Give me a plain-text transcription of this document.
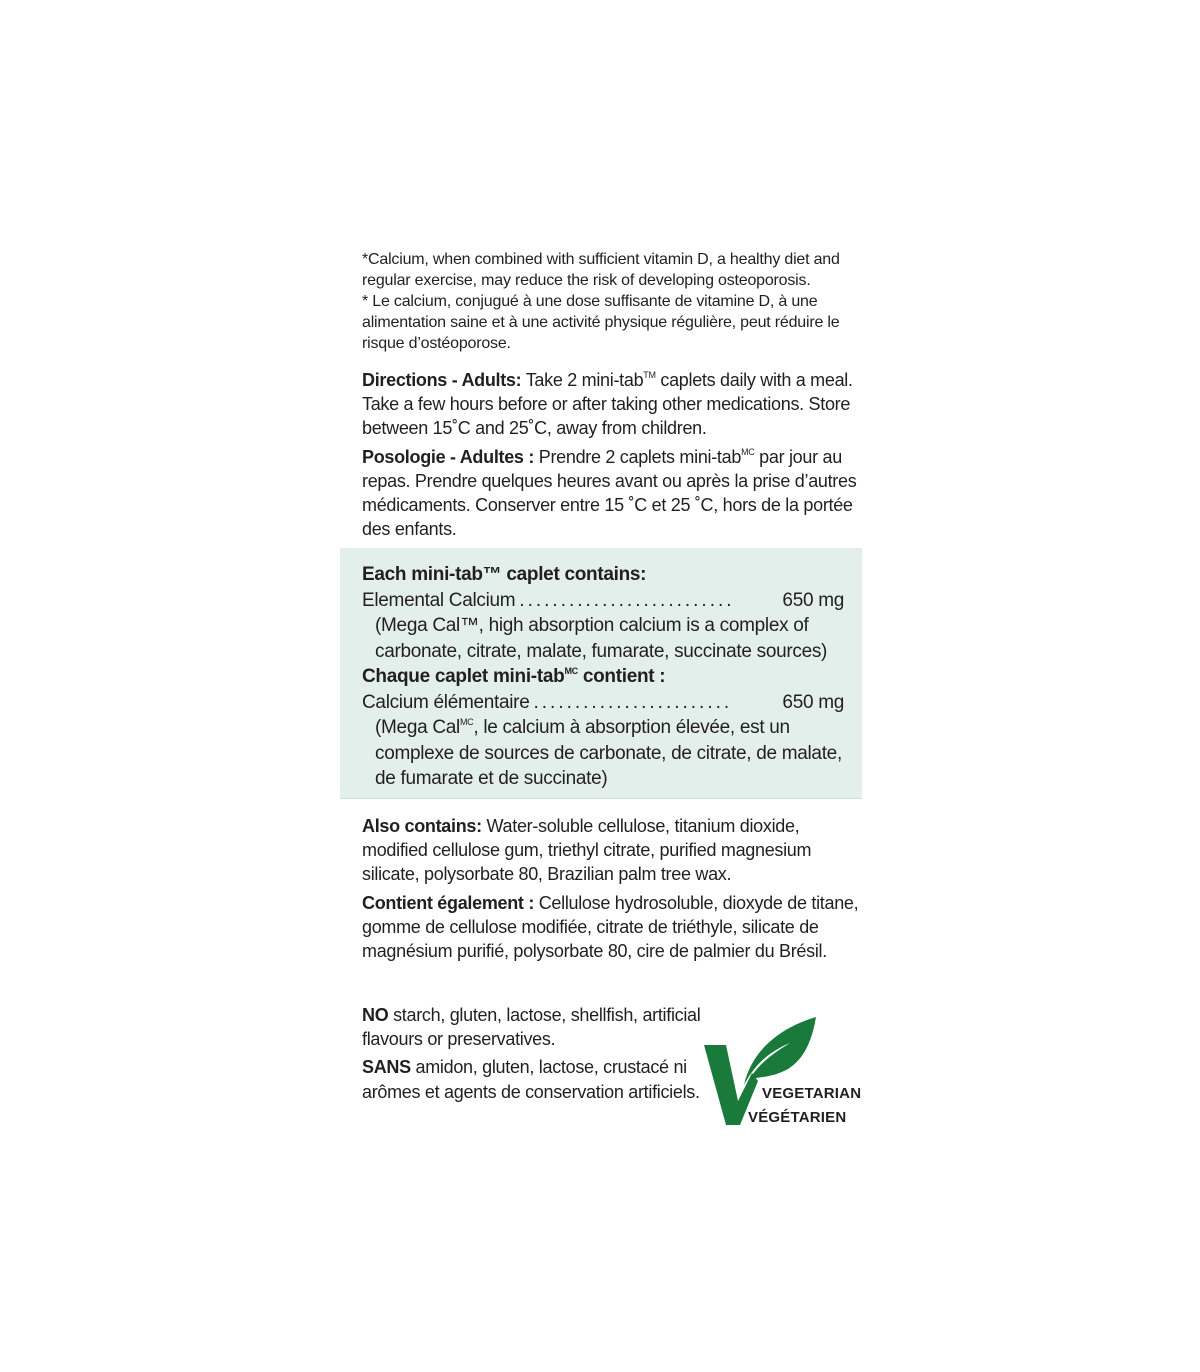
*Calcium, when combined with sufficient vitamin D, a healthy diet and regular exercise, may reduce the risk of developing osteoporosis.

* Le calcium, conjugué à une dose suffisante de vitamine D, à une alimentation saine et à une activité physique régulière, peut réduire le risque d’ostéoporose.

Directions - Adults: Take 2 mini-tab™ caplets daily with a meal. Take a few hours before or after taking other medications. Store between 15˚C and 25˚C, away from children.

Posologie - Adultes : Prendre 2 caplets mini-tab$^{MC}$ par jour au repas. Prendre quelques heures avant ou après la prise d’autres médicaments. Conserver entre 15 ˚C et 25 ˚C, hors de la portée des enfants.

Each mini-tab™ caplet contains:

Elemental Calcium ..........................	650 mg

(Mega Cal™, high absorption calcium is a complex of carbonate, citrate, malate, fumarate, succinate sources)

Chaque caplet mini-tab$^{MC}$ contient :

Calcium élémentaire ........................	650 mg

(Mega Cal$^{MC}$, le calcium à absorption élevée, est un complexe de sources de carbonate, de citrate, de malate, de fumarate et de succinate)

Also contains: Water-soluble cellulose, titanium dioxide, modified cellulose gum, triethyl citrate, purified magnesium silicate, polysorbate 80, Brazilian palm tree wax.

Contient également : Cellulose hydrosoluble, dioxyde de titane, gomme de cellulose modifiée, citrate de triéthyle, silicate de magnésium purifié, polysorbate 80, cire de palmier du Brésil.

NO starch, gluten, lactose, shellfish, artificial flavours or preservatives.

SANS amidon, gluten, lactose, crustacé ni arômes et agents de conservation artificiels.	VEGETARIAN
VÉGÉTARIEN
